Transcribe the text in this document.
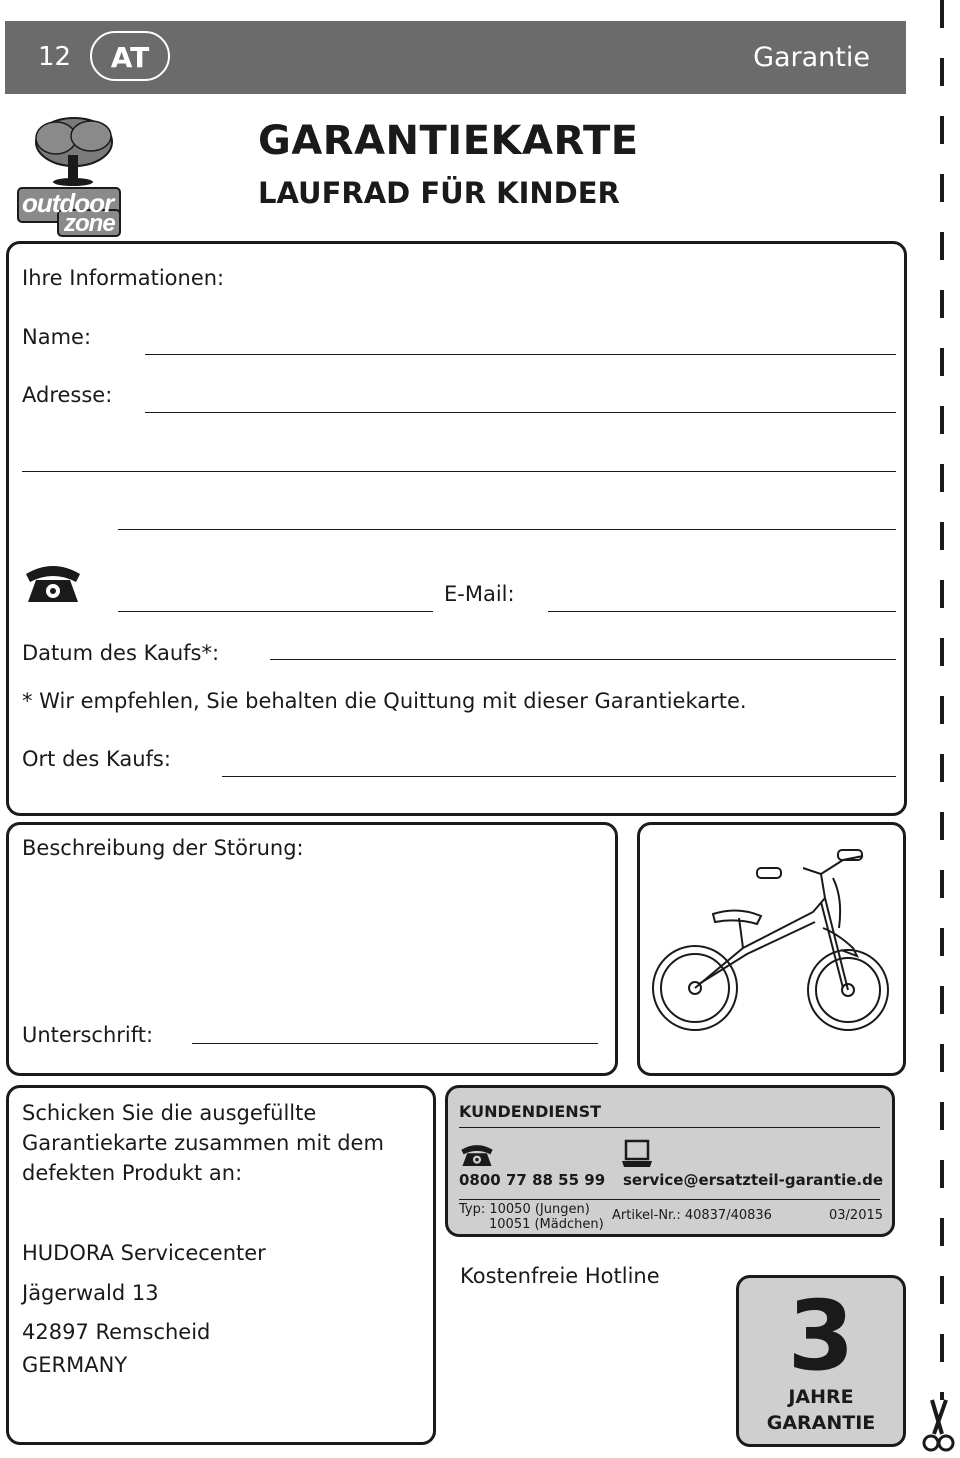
12	AT	Garantie
outdoor
zone
GARANTIEKARTE
LAUFRAD FÜR KINDER
Ihre Informationen:
Name:
Adresse:
E-Mail:
Datum des Kaufs*:
* Wir empfehlen, Sie behalten die Quittung mit dieser Garantiekarte.
Ort des Kaufs:
Beschreibung der Störung:
Unterschrift:
Schicken Sie die ausgefüllte Garantiekarte zusammen mit dem defekten Produkt an:
HUDORA Servicecenter
Jägerwald 13
42897 Remscheid
GERMANY
KUNDENDIENST
0800 77 88 55 99 service@ersatzteil-garantie.de
Typ: 10050 (Jungen)
10051 (Mädchen)
Artikel-Nr.: 40837/40836	03/2015
Kostenfreie Hotline
3
JAHRE
GARANTIE
